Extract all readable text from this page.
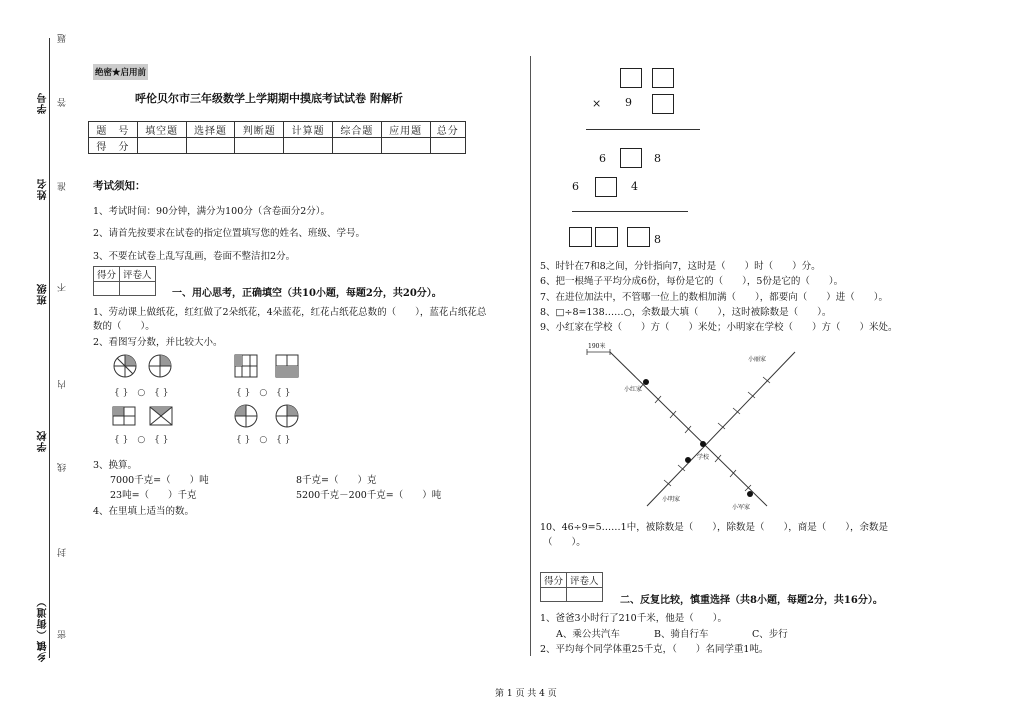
学号
姓名
班级
学校
乡镇（街道）
题
答
准
不
内
线
封
密
绝密★启用前
呼伦贝尔市三年级数学上学期期中摸底考试试卷 附解析
题　号	填空题	选择题	判断题	计算题	综合题	应用题	总分
得　分							
考试须知：
1、考试时间：90分钟，满分为100分（含卷面分2分）。
2、请首先按要求在试卷的指定位置填写您的姓名、班级、学号。
3、不要在试卷上乱写乱画，卷面不整洁扣2分。
得分	评卷人

一、用心思考，正确填空（共10小题，每题2分，共20分）。
1、劳动课上做纸花，红红做了2朵纸花，4朵蓝花，红花占纸花总数的（　　），蓝花占纸花总
数的（　　）。
2、看图写分数，并比较大小。
{ }　○　{ }
{ }　○　{ }
{ }　○　{ }
{ }　○　{ }
3、换算。
7000千克=（　　）吨	8千克=（　　）克
23吨=（　　）千克	5200千克－200千克=（　　）吨
4、在里填上适当的数。
× 9
6	8
6	4
8
5、时针在7和8之间，分针指向7，这时是（　　）时（　　）分。
6、把一根绳子平均分成6份，每份是它的（　　），5份是它的（　　）。
7、在进位加法中，不管哪一位上的数相加满（　　），都要向（　　）进（　　）。
8、□÷8=138……○，余数最大填（　　），这时被除数是（　　）。
9、小红家在学校（　　）方（　　）米处；小明家在学校（　　）方（　　）米处。
190米
小丽家
小红家
学校
小明家
小军家
10、46÷9=5……1中，被除数是（　　），除数是（　　），商是（　　），余数是
（　　）。
得分	评卷人

二、反复比较，慎重选择（共8小题，每题2分，共16分）。
1、爸爸3小时行了210千米，他是（　　）。
A、乘公共汽车	B、骑自行车	C、步行
2、平均每个同学体重25千克，（　　）名同学重1吨。
第 1 页 共 4 页
